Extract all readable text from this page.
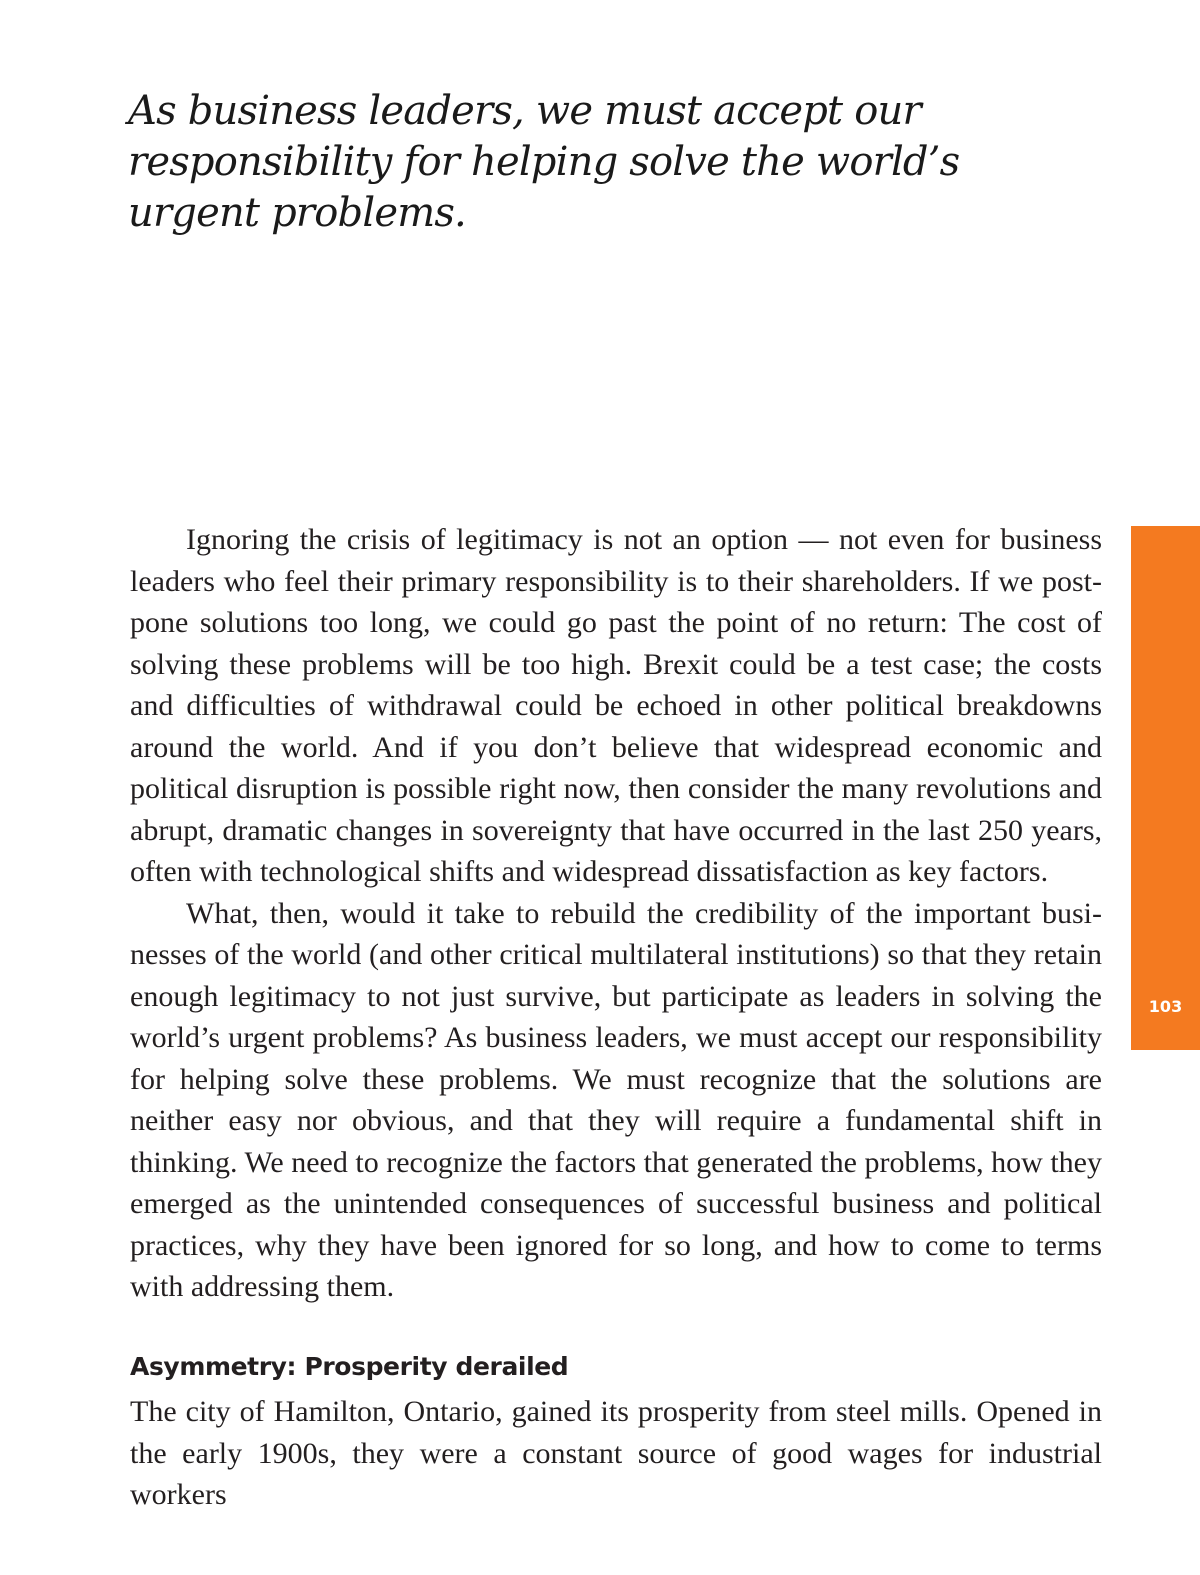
As business leaders, we must accept our
responsibility for helping solve the world’s
urgent problems.

Ignoring the crisis of legitimacy is not an option — not even for business leaders who feel their primary responsibility is to their shareholders. If we postpone solutions too long, we could go past the point of no return: The cost of solving these problems will be too high. Brexit could be a test case; the costs and difficulties of withdrawal could be echoed in other political breakdowns around the world. And if you don’t believe that widespread economic and political disruption is possible right now, then consider the many revolutions and abrupt, dramatic changes in sovereignty that have occurred in the last 250 years, often with technological shifts and widespread dissatisfaction as key factors.

What, then, would it take to rebuild the credibility of the important businesses of the world (and other critical multilateral institutions) so that they retain enough legitimacy to not just survive, but participate as leaders in solving the world’s urgent problems? As business leaders, we must accept our responsibility for helping solve these problems. We must recognize that the solutions are neither easy nor obvious, and that they will require a fundamental shift in thinking. We need to recognize the factors that generated the problems, how they emerged as the unintended consequences of successful business and political practices, why they have been ignored for so long, and how to come to terms with addressing them.

Asymmetry: Prosperity derailed

The city of Hamilton, Ontario, gained its prosperity from steel mills. Opened in the early 1900s, they were a constant source of good wages for industrial workers

feature|world view
103
